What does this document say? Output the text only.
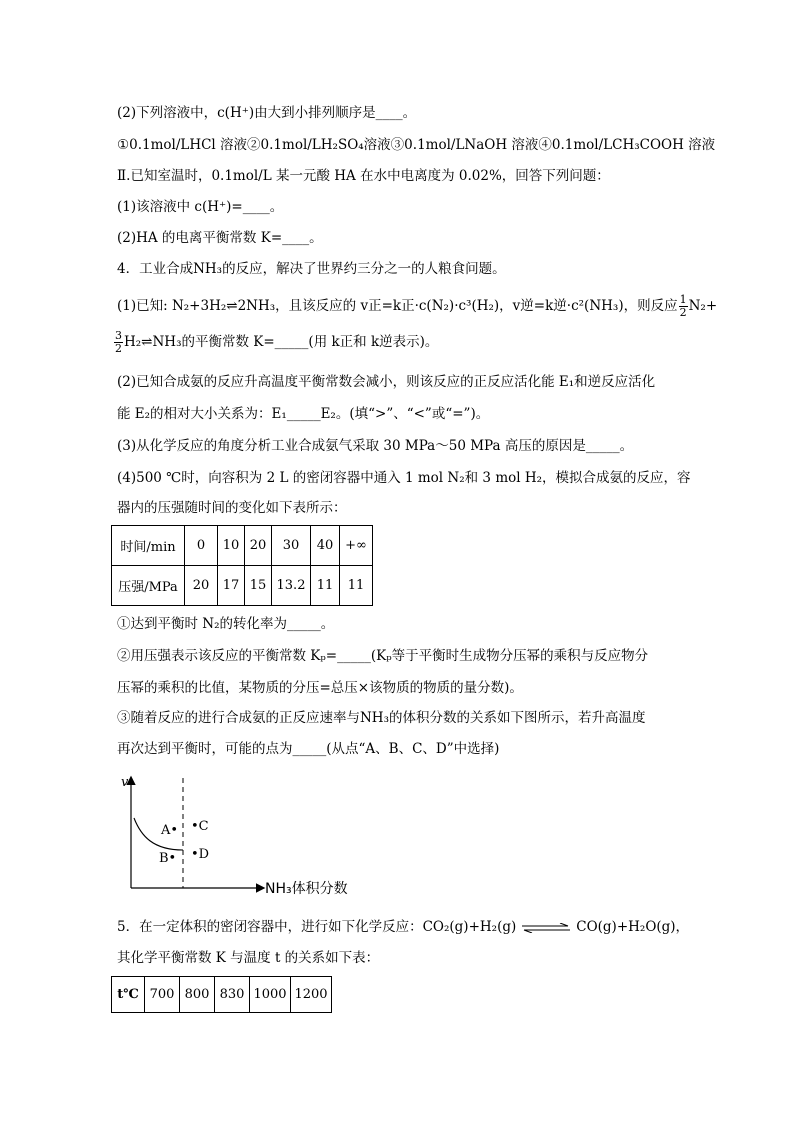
(2)下列溶液中，c(H⁺)由大到小排列顺序是____。
①0.1mol/LHCl 溶液②0.1mol/LH₂SO₄溶液③0.1mol/LNaOH 溶液④0.1mol/LCH₃COOH 溶液
Ⅱ.已知室温时，0.1mol/L 某一元酸 HA 在水中电离度为 0.02%，回答下列问题：
(1)该溶液中 c(H⁺)=____。
(2)HA 的电离平衡常数 K=____。
4．工业合成NH₃的反应，解决了世界约三分之一的人粮食问题。
(1)已知: N₂+3H₂⇌2NH₃，且该反应的 v正=k正·c(N₂)·c³(H₂)，v逆=k逆·c²(NH₃)，则反应 $\frac{1}{2} N_2+$
$\frac{3}{2}$ H₂⇌NH₃的平衡常数 K=_____(用 k正和 k逆表示)。
(2)已知合成氨的反应升高温度平衡常数会减小，则该反应的正反应活化能 E₁和逆反应活化
能 E₂的相对大小关系为：E₁_____E₂。(填“>”、“<”或“=”)。
(3)从化学反应的角度分析工业合成氨气采取 30 MPa～50 MPa 高压的原因是_____。
(4)500 ℃时，向容积为 2 L 的密闭容器中通入 1 mol N₂和 3 mol H₂，模拟合成氨的反应，容
器内的压强随时间的变化如下表所示：
时间/min	0	10	20	30	40	+∞
压强/MPa	20	17	15	13.2	11	11
①达到平衡时 N₂的转化率为_____。
②用压强表示该反应的平衡常数 Kₚ=_____(Kₚ等于平衡时生成物分压幂的乘积与反应物分
压幂的乘积的比值，某物质的分压=总压×该物质的物质的量分数)。
③随着反应的进行合成氨的正反应速率与NH₃的体积分数的关系如下图所示，若升高温度
再次达到平衡时，可能的点为_____(从点“A、B、C、D”中选择)
v
NH₃体积分数
A•
B•
•C
•D
5．在一定体积的密闭容器中，进行如下化学反应：CO₂(g)+H₂(g) ⇌ CO(g)+H₂O(g)，
其化学平衡常数 K 与温度 t 的关系如下表：
t℃	700	800	830	1000	1200
